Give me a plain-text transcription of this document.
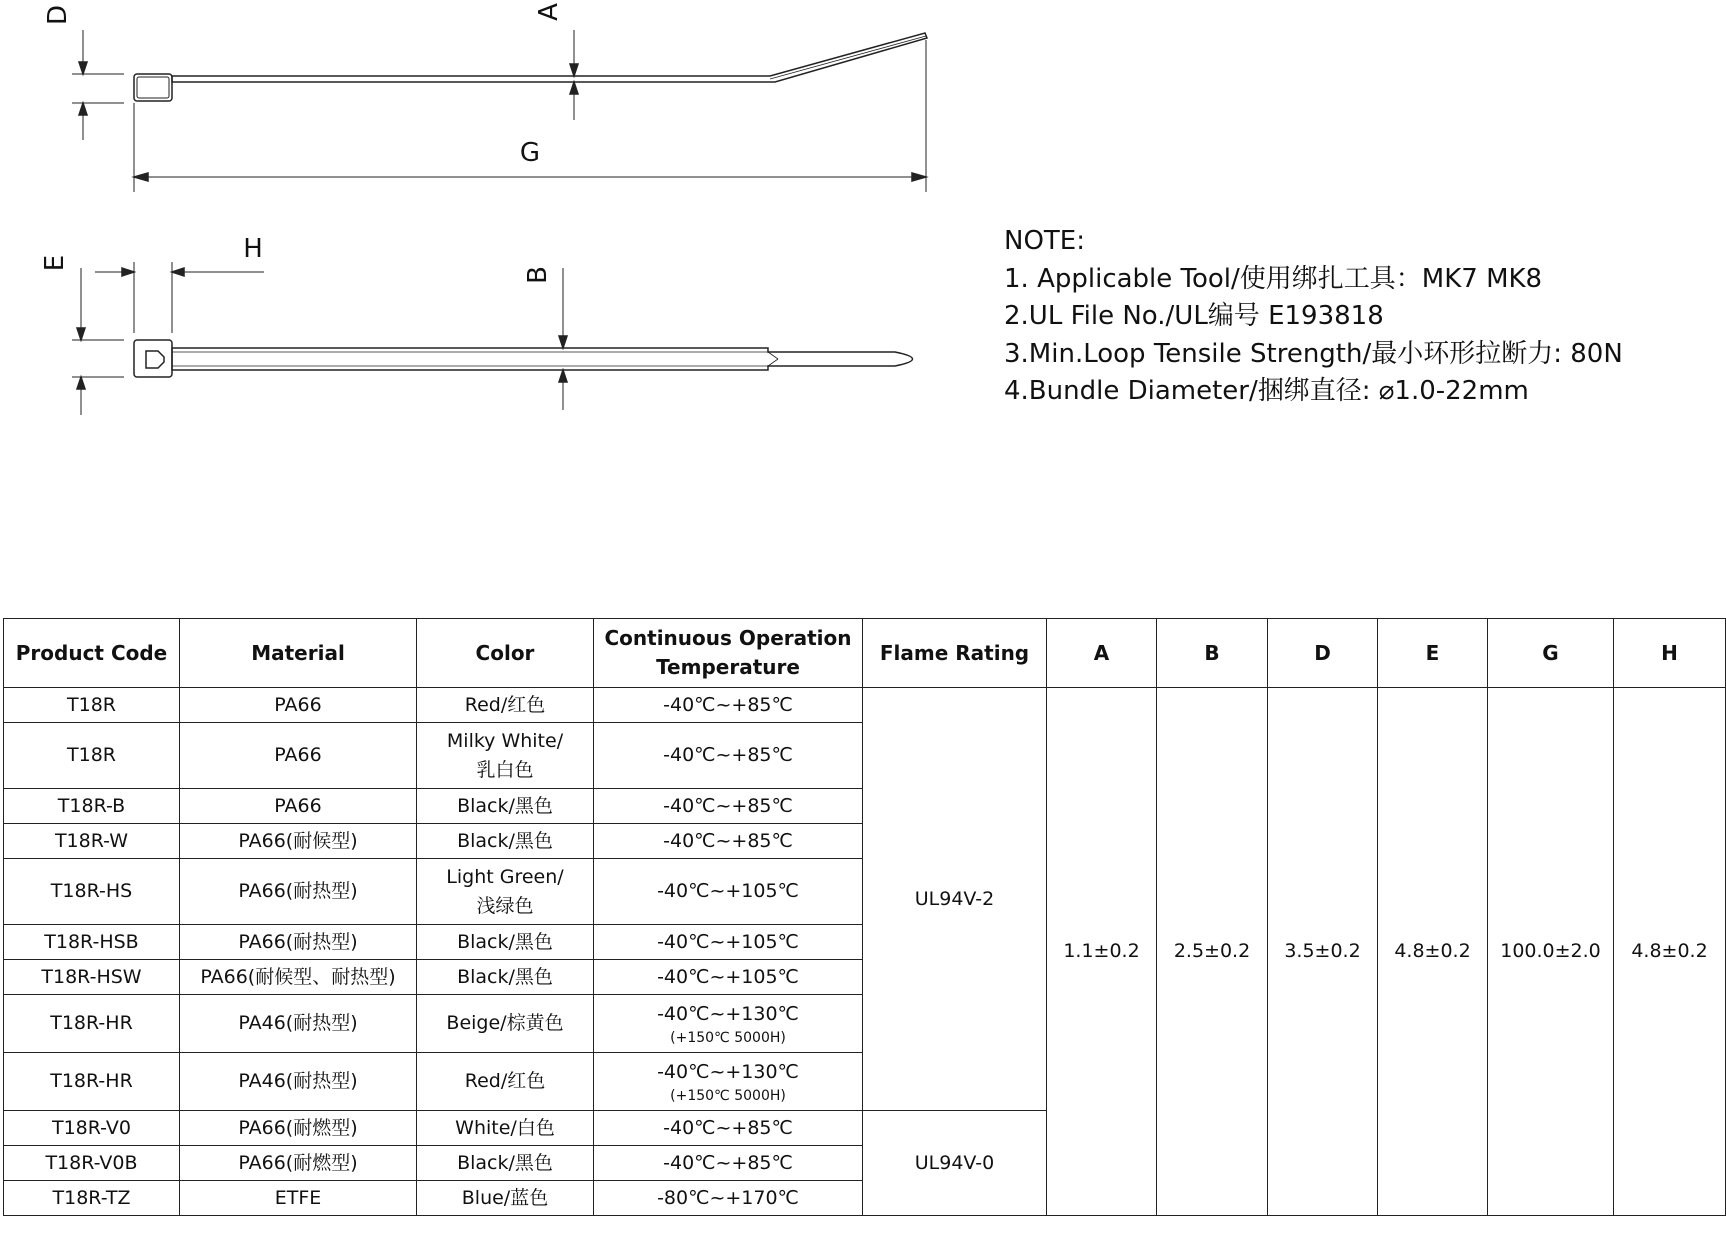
D	A
G
E	H
B
NOTE:
1. Applicable Tool/使用绑扎工具：MK7 MK8
2.UL File No./UL编号 E193818
3.Min.Loop Tensile Strength/最小环形拉断力: 80N
4.Bundle Diameter/捆绑直径: ⌀1.0-22mm
Product Code	Material	Color	Continuous Operation
Temperature	Flame Rating	A	B	D	E	G	H
T18R	PA66	Red/红色	-40℃~+85℃	UL94V-2	1.1±0.2	2.5±0.2	3.5±0.2	4.8±0.2	100.0±2.0	4.8±0.2
T18R	PA66	Milky White/
乳白色	-40℃~+85℃							
T18R-B	PA66	Black/黑色	-40℃~+85℃							
T18R-W	PA66(耐候型)	Black/黑色	-40℃~+85℃							
T18R-HS	PA66(耐热型)	Light Green/
浅绿色	-40℃~+105℃							
T18R-HSB	PA66(耐热型)	Black/黑色	-40℃~+105℃							
T18R-HSW	PA66(耐候型、耐热型)	Black/黑色	-40℃~+105℃							
T18R-HR	PA46(耐热型)	Beige/棕黄色	-40℃~+130℃
(+150℃ 5000H)							

T18R-HR	PA46(耐热型)	Red/红色	-40℃~+130℃
(+150℃ 5000H)							

T18R-V0	PA66(耐燃型)	White/白色	-40℃~+85℃	UL94V-0						
T18R-V0B	PA66(耐燃型)	Black/黑色	-40℃~+85℃							
T18R-TZ	ETFE	Blue/蓝色	-80℃~+170℃							
